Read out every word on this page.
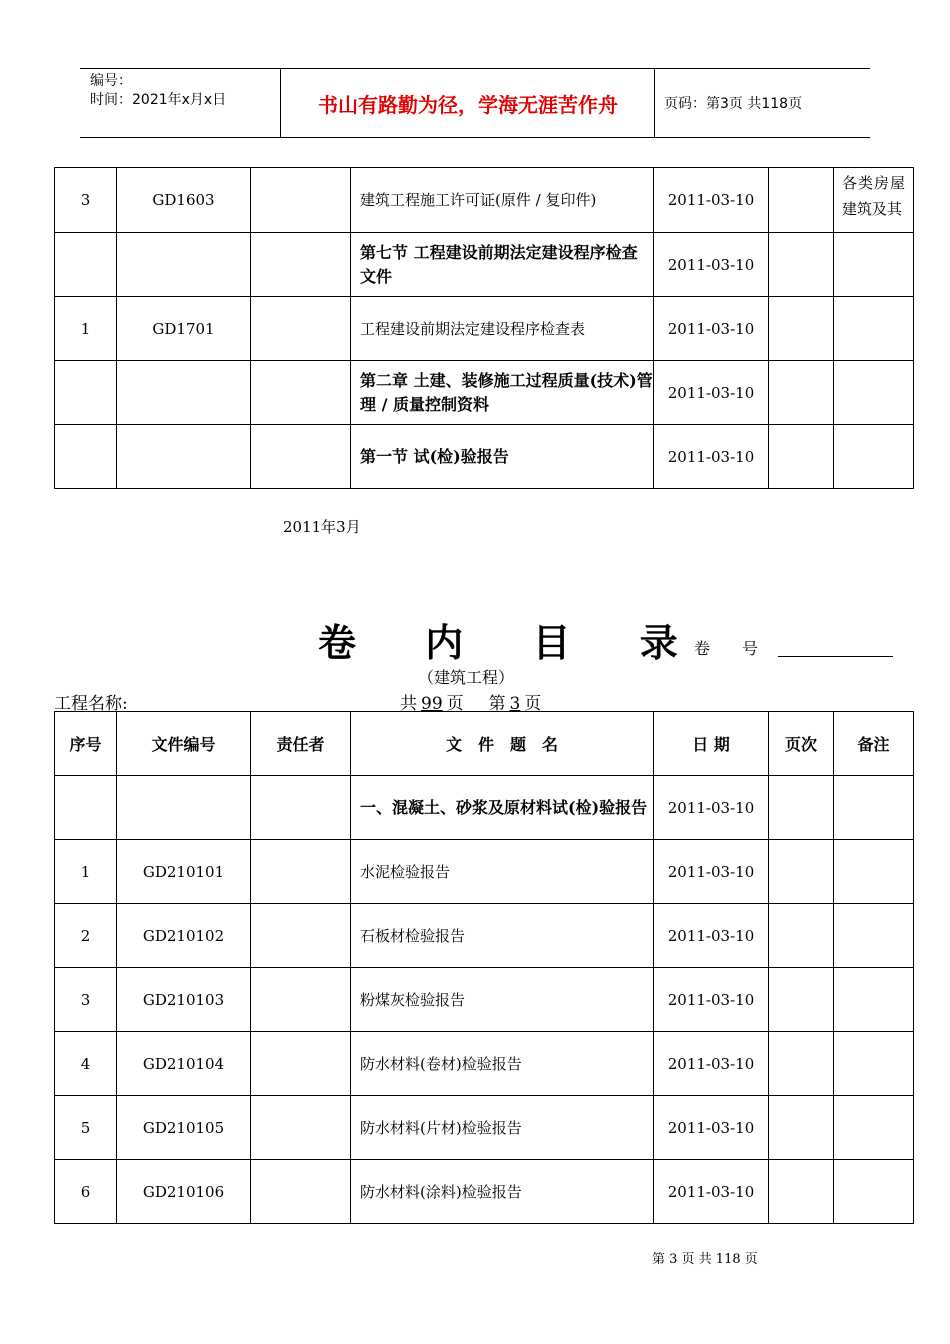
编号：
时间：2021年x月x日	书山有路勤为径，学海无涯苦作舟	页码：第3页 共118页
3	GD1603		建筑工程施工许可证(原件 / 复印件)	2011-03-10		各类房屋建筑及其

			第七节 工程建设前期法定建设程序检查文件	2011-03-10		
1	GD1701		工程建设前期法定建设程序检查表	2011-03-10		
			第二章 土建、装修施工过程质量(技术)管理 / 质量控制资料	2011-03-10		
			第一节 试(检)验报告	2011-03-10		
2011年3月
卷 内 目 录
卷　　号
（建筑工程）
工程名称:	共 99 页 第 3 页
序号	文件编号	责任者	文　件　题　名	日 期	页次	备注
			一、混凝土、砂浆及原材料试(检)验报告	2011-03-10		
1	GD210101		水泥检验报告	2011-03-10		
2	GD210102		石板材检验报告	2011-03-10		
3	GD210103		粉煤灰检验报告	2011-03-10		
4	GD210104		防水材料(卷材)检验报告	2011-03-10		
5	GD210105		防水材料(片材)检验报告	2011-03-10		
6	GD210106		防水材料(涂料)检验报告	2011-03-10		
第 3 页 共 118 页
